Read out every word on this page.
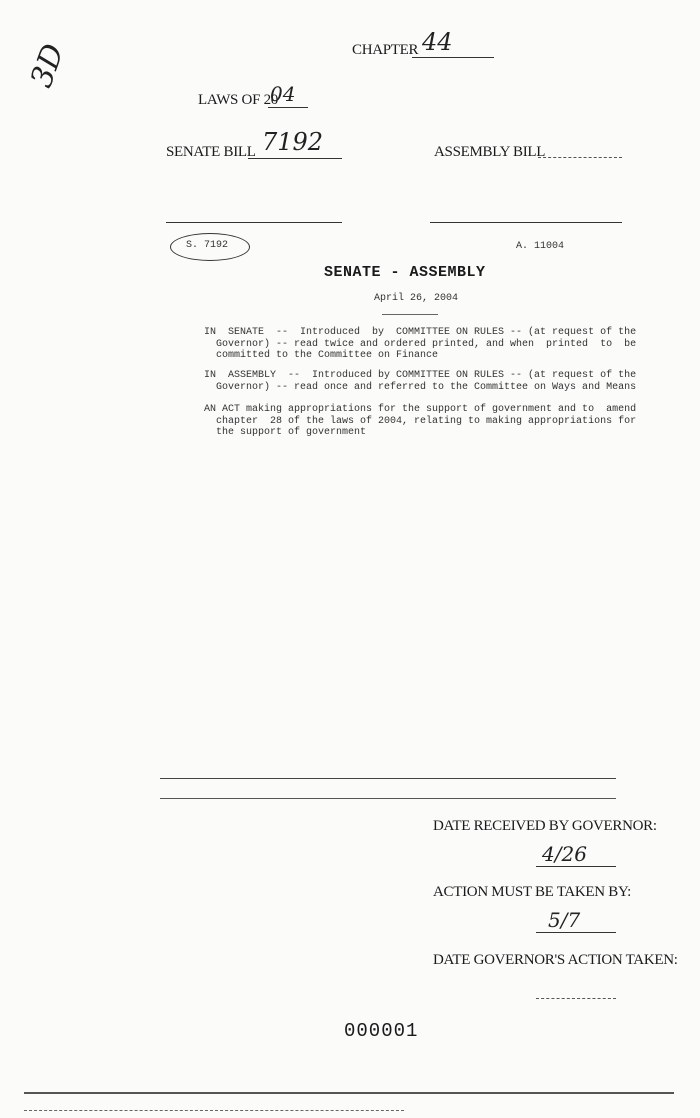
3D	CHAPTER 44
LAWS OF 20
04
SENATE BILL 7192	ASSEMBLY BILL
S. 7192	A. 11004
SENATE - ASSEMBLY
April 26, 2004
IN  SENATE  --  Introduced  by  COMMITTEE ON RULES -- (at request of the
Governor) -- read twice and ordered printed, and when  printed  to  be
committed to the Committee on Finance
IN  ASSEMBLY  --  Introduced by COMMITTEE ON RULES -- (at request of the
Governor) -- read once and referred to the Committee on Ways and Means
AN ACT making appropriations for the support of government and to  amend
chapter  28 of the laws of 2004, relating to making appropriations for
the support of government
DATE RECEIVED BY GOVERNOR:
4/26
ACTION MUST BE TAKEN BY:
5/7
DATE GOVERNOR'S ACTION TAKEN:
000001
